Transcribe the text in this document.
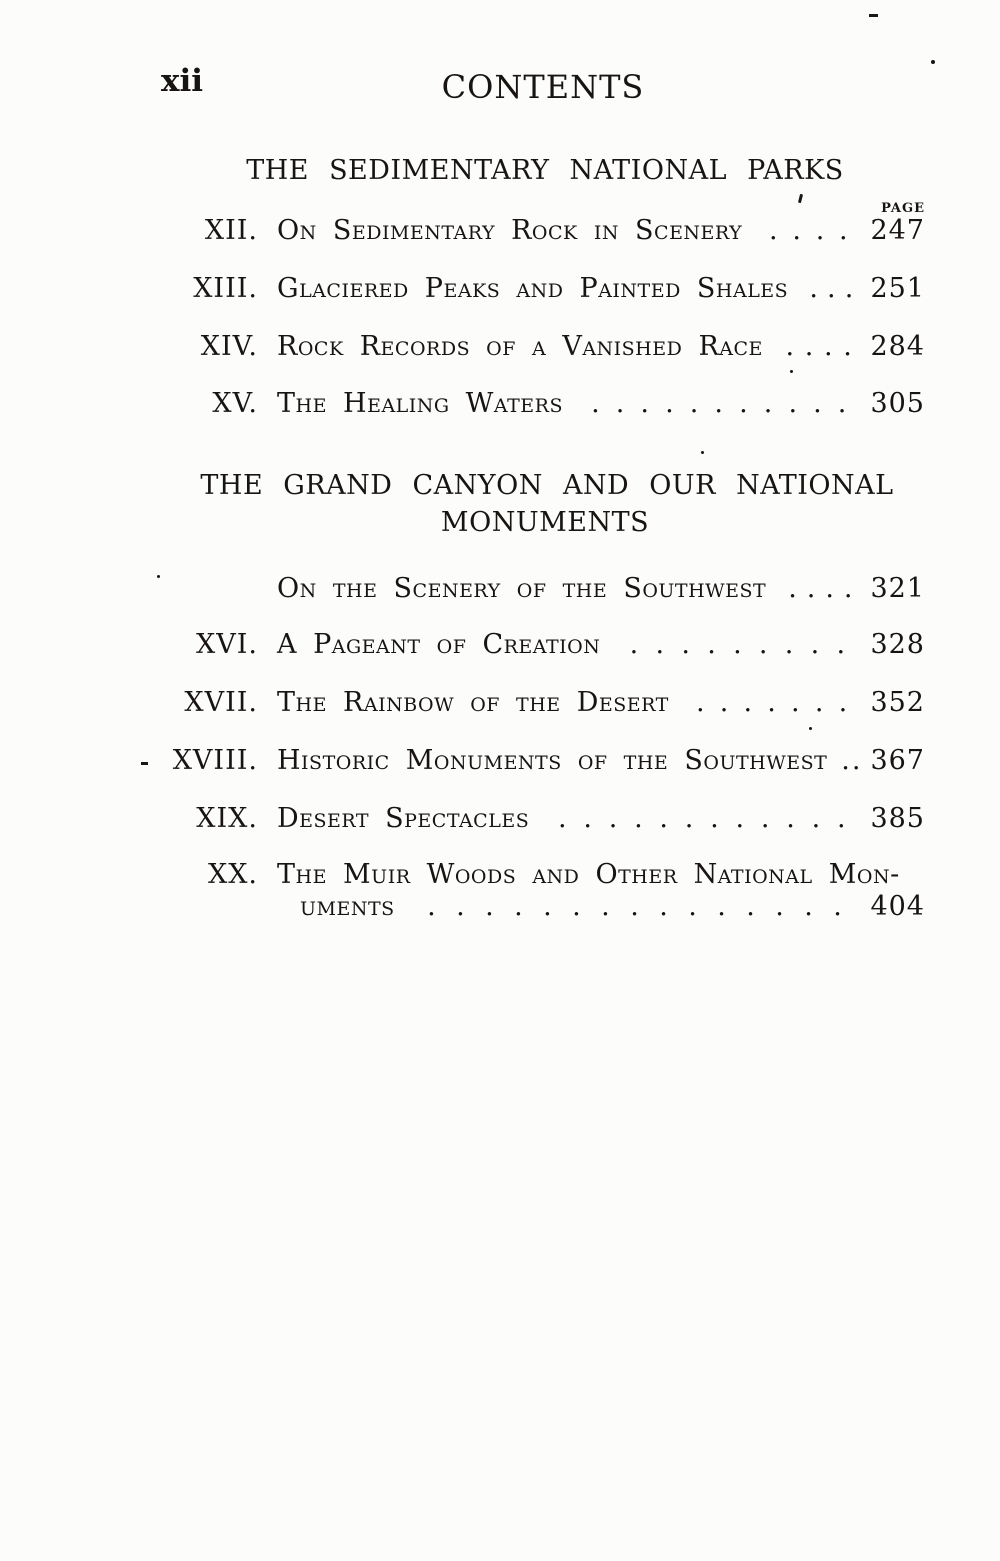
xii	CONTENTS
THE SEDIMENTARY NATIONAL PARKS
PAGE
THE GRAND CANYON AND OUR NATIONAL
MONUMENTS
XII. On Sedimentary Rock in Scenery . . . . 247
XIII. Glaciered Peaks and Painted Shales . . . 251
XIV. Rock Records of a Vanished Race . . . . 284
XV. The Healing Waters . . . . . . . . . . . 305
On the Scenery of the Southwest . . . . 321
XVI. A Pageant of Creation . . . . . . . . . 328
XVII. The Rainbow of the Desert . . . . . . . 352
XVIII. Historic Monuments of the Southwest . . 367
XIX. Desert Spectacles . . . . . . . . . . . . 385
XX. The Muir Woods and Other National Mon-
uments . . . . . . . . . . . . . . . 404
